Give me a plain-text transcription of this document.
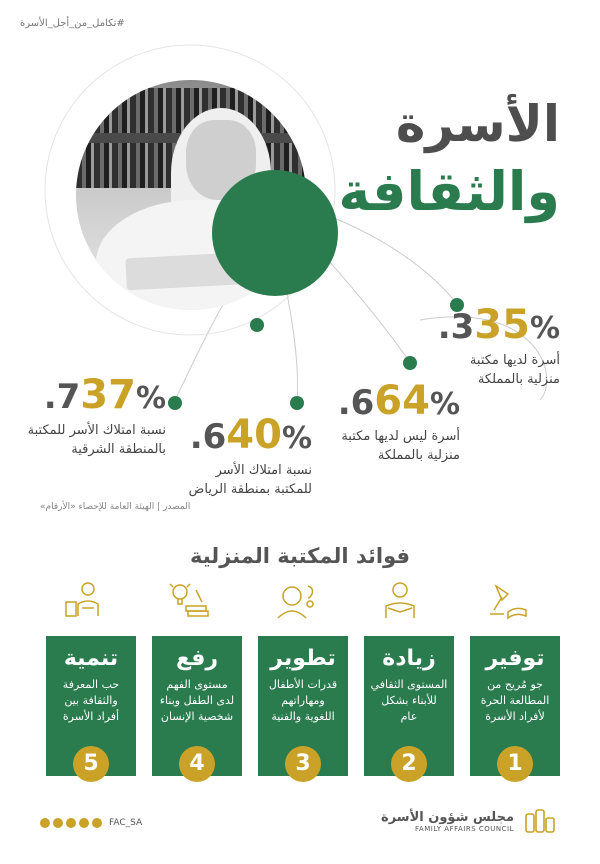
#تكامل_من_أجل_الأسرة
الأسرة
والثقافة
.335%
أسرة لديها مكتبة
منزلية بالمملكة
.664%
أسرة ليس لديها مكتبة
منزلية بالمملكة
.640%
نسبة امتلاك الأسر
للمكتبة بمنطقة الرياض
.737%
نسبة امتلاك الأسر للمكتبة
بالمنطقة الشرقية
المصدر | الهيئة العامة للإحصاء «الأرقام»
فوائد المكتبة المنزلية
توفير
جو مُريح من
المطالعة الحرة
لأفراد الأسرة
زيادة
المستوى الثقافي
للأبناء بشكل
عام
تطوير
قدرات الأطفال
ومهاراتهم
اللغوية والفنية
رفع
مستوى الفهم
لدى الطفل وبناء
شخصية الإنسان
تنمية
حب المعرفة
والثقافة بين
أفراد الأسرة
1
2
3
4
5
FAC_SA	مجلس شؤون الأسرة
FAMILY AFFAIRS COUNCIL
